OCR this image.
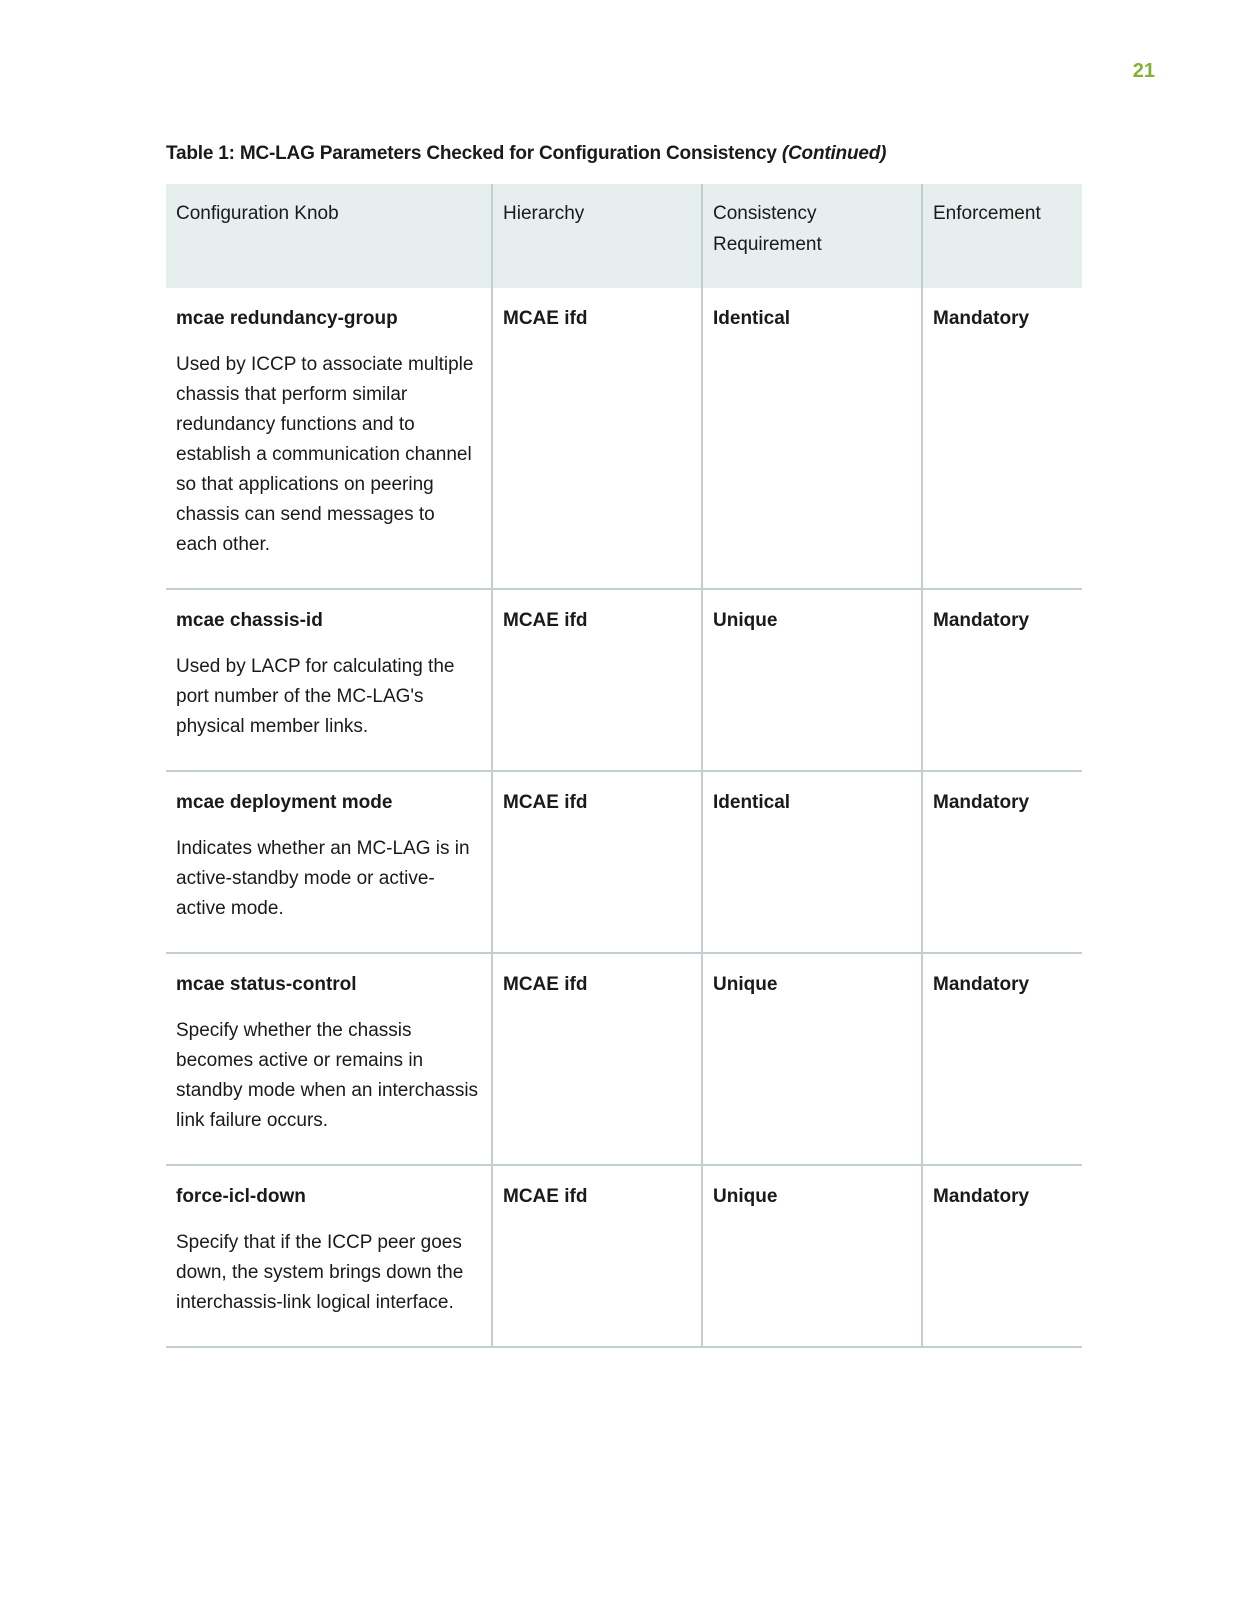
21
Table 1: MC-LAG Parameters Checked for Configuration Consistency (Continued)
Configuration Knob	Hierarchy	Consistency Requirement	Enforcement

mcae redundancy-group
Used by ICCP to associate multiple chassis that perform similar redundancy functions and to establish a communication channel so that applications on peering chassis can send messages to each other.	MCAE ifd	Identical	Mandatory

mcae chassis-id
Used by LACP for calculating the port number of the MC-LAG's physical member links.	MCAE ifd	Unique	Mandatory

mcae deployment mode
Indicates whether an MC-LAG is in active-standby mode or active-active mode.	MCAE ifd	Identical	Mandatory

mcae status-control
Specify whether the chassis becomes active or remains in standby mode when an interchassis link failure occurs.	MCAE ifd	Unique	Mandatory

force-icl-down
Specify that if the ICCP peer goes down, the system brings down the interchassis-link logical interface.	MCAE ifd	Unique	Mandatory
